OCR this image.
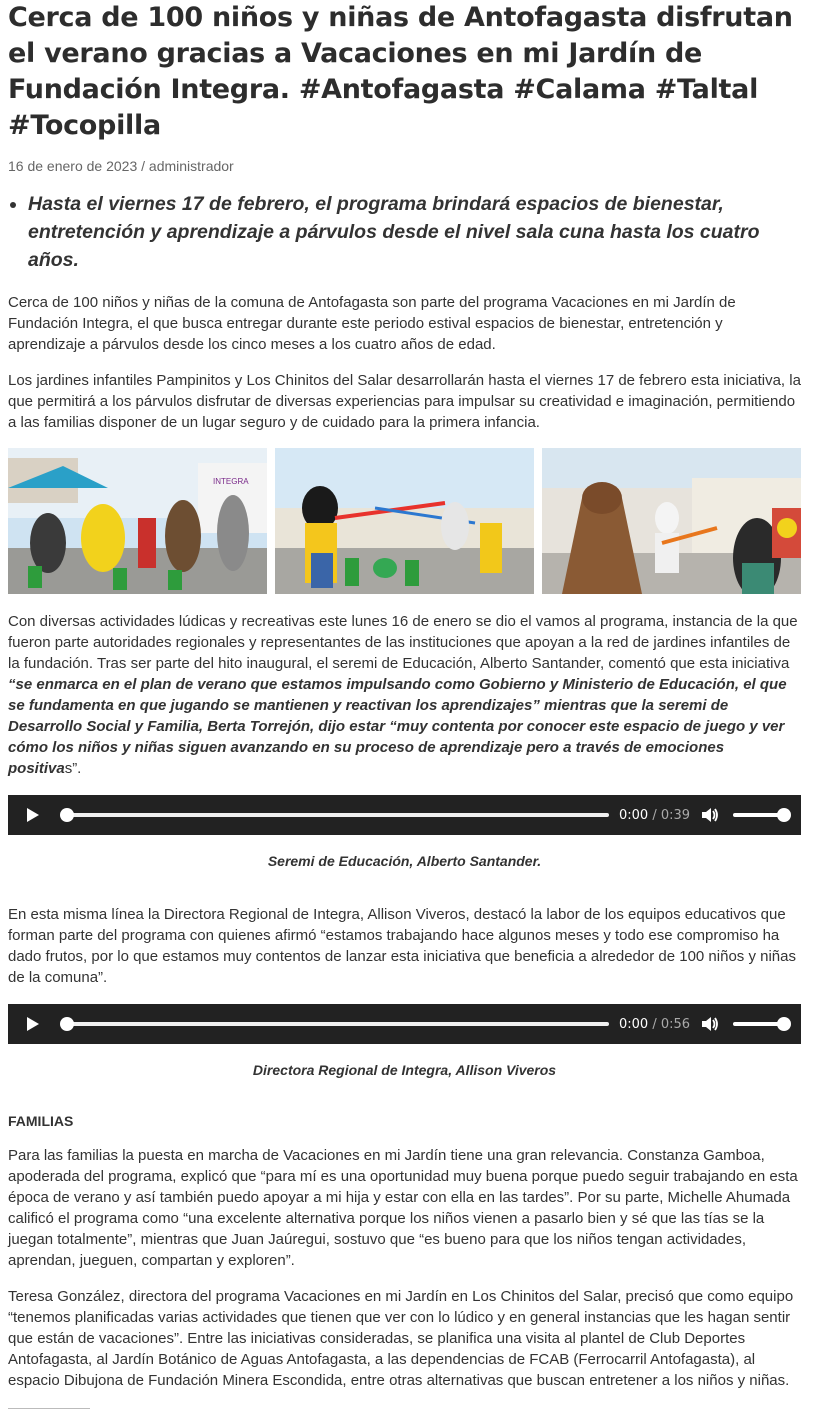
Cerca de 100 niños y niñas de Antofagasta disfrutan el verano gracias a Vacaciones en mi Jardín de Fundación Integra. #Antofagasta #Calama #Taltal #Tocopilla
16 de enero de 2023 / administrador
• Hasta el viernes 17 de febrero, el programa brindará espacios de bienestar, entretención y aprendizaje a párvulos desde el nivel sala cuna hasta los cuatro años.

Cerca de 100 niños y niñas de la comuna de Antofagasta son parte del programa Vacaciones en mi Jardín de Fundación Integra, el que busca entregar durante este periodo estival espacios de bienestar, entretención y aprendizaje a párvulos desde los cinco meses a los cuatro años de edad.

Los jardines infantiles Pampinitos y Los Chinitos del Salar desarrollarán hasta el viernes 17 de febrero esta iniciativa, la que permitirá a los párvulos disfrutar de diversas experiencias para impulsar su creatividad e imaginación, permitiendo a las familias disponer de un lugar seguro y de cuidado para la primera infancia.

INTEGRA

Con diversas actividades lúdicas y recreativas este lunes 16 de enero se dio el vamos al programa, instancia de la que fueron parte autoridades regionales y representantes de las instituciones que apoyan a la red de jardines infantiles de la fundación. Tras ser parte del hito inaugural, el seremi de Educación, Alberto Santander, comentó que esta iniciativa “se enmarca en el plan de verano que estamos impulsando como Gobierno y Ministerio de Educación, el que se fundamenta en que jugando se mantienen y reactivan los aprendizajes” mientras que la seremi de Desarrollo Social y Familia, Berta Torrejón, dijo estar “muy contenta por conocer este espacio de juego y ver cómo los niños y niñas siguen avanzando en su proceso de aprendizaje pero a través de emociones positivas”.

0:00 / 0:39
Seremi de Educación, Alberto Santander.

En esta misma línea la Directora Regional de Integra, Allison Viveros, destacó la labor de los equipos educativos que forman parte del programa con quienes afirmó “estamos trabajando hace algunos meses y todo ese compromiso ha dado frutos, por lo que estamos muy contentos de lanzar esta iniciativa que beneficia a alrededor de 100 niños y niñas de la comuna”.

0:00 / 0:56
Directora Regional de Integra, Allison Viveros
FAMILIAS

Para las familias la puesta en marcha de Vacaciones en mi Jardín tiene una gran relevancia. Constanza Gamboa, apoderada del programa, explicó que “para mí es una oportunidad muy buena porque puedo seguir trabajando en esta época de verano y así también puedo apoyar a mi hija y estar con ella en las tardes”. Por su parte, Michelle Ahumada calificó el programa como “una excelente alternativa porque los niños vienen a pasarlo bien y sé que las tías se la juegan totalmente”, mientras que Juan Jaúregui, sostuvo que “es bueno para que los niños tengan actividades, aprendan, jueguen, compartan y exploren”.

Teresa González, directora del programa Vacaciones en mi Jardín en Los Chinitos del Salar, precisó que como equipo “tenemos planificadas varias actividades que tienen que ver con lo lúdico y en general instancias que les hagan sentir que están de vacaciones”. Entre las iniciativas consideradas, se planifica una visita al plantel de Club Deportes Antofagasta, al Jardín Botánico de Aguas Antofagasta, a las dependencias de FCAB (Ferrocarril Antofagasta), al espacio Dibujona de Fundación Minera Escondida, entre otras alternativas que buscan entretener a los niños y niñas.
